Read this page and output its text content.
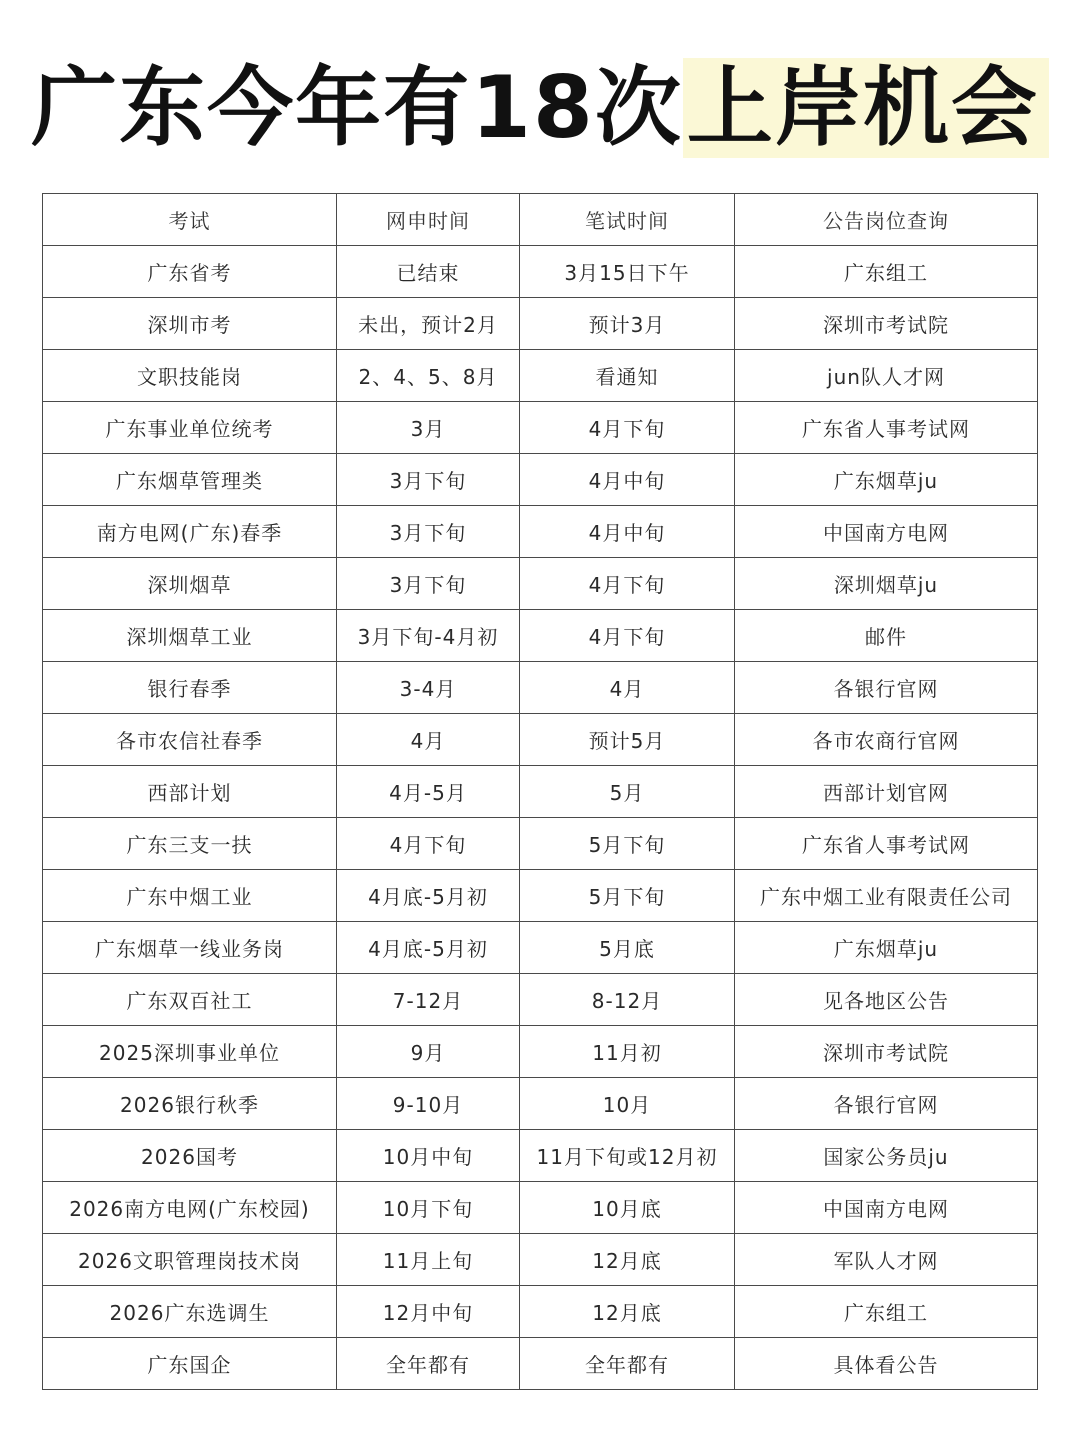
广东今年有18次上岸机会
考试	网申时间	笔试时间	公告岗位查询
广东省考	已结束	3月15日下午	广东组工
深圳市考	未出，预计2月	预计3月	深圳市考试院
文职技能岗	2、4、5、8月	看通知	jun队人才网
广东事业单位统考	3月	4月下旬	广东省人事考试网
广东烟草管理类	3月下旬	4月中旬	广东烟草ju
南方电网(广东)春季	3月下旬	4月中旬	中国南方电网
深圳烟草	3月下旬	4月下旬	深圳烟草ju
深圳烟草工业	3月下旬-4月初	4月下旬	邮件
银行春季	3-4月	4月	各银行官网
各市农信社春季	4月	预计5月	各市农商行官网
西部计划	4月-5月	5月	西部计划官网
广东三支一扶	4月下旬	5月下旬	广东省人事考试网
广东中烟工业	4月底-5月初	5月下旬	广东中烟工业有限责任公司
广东烟草一线业务岗	4月底-5月初	5月底	广东烟草ju
广东双百社工	7-12月	8-12月	见各地区公告
2025深圳事业单位	9月	11月初	深圳市考试院
2026银行秋季	9-10月	10月	各银行官网
2026国考	10月中旬	11月下旬或12月初	国家公务员ju
2026南方电网(广东校园)	10月下旬	10月底	中国南方电网
2026文职管理岗技术岗	11月上旬	12月底	军队人才网
2026广东选调生	12月中旬	12月底	广东组工
广东国企	全年都有	全年都有	具体看公告
